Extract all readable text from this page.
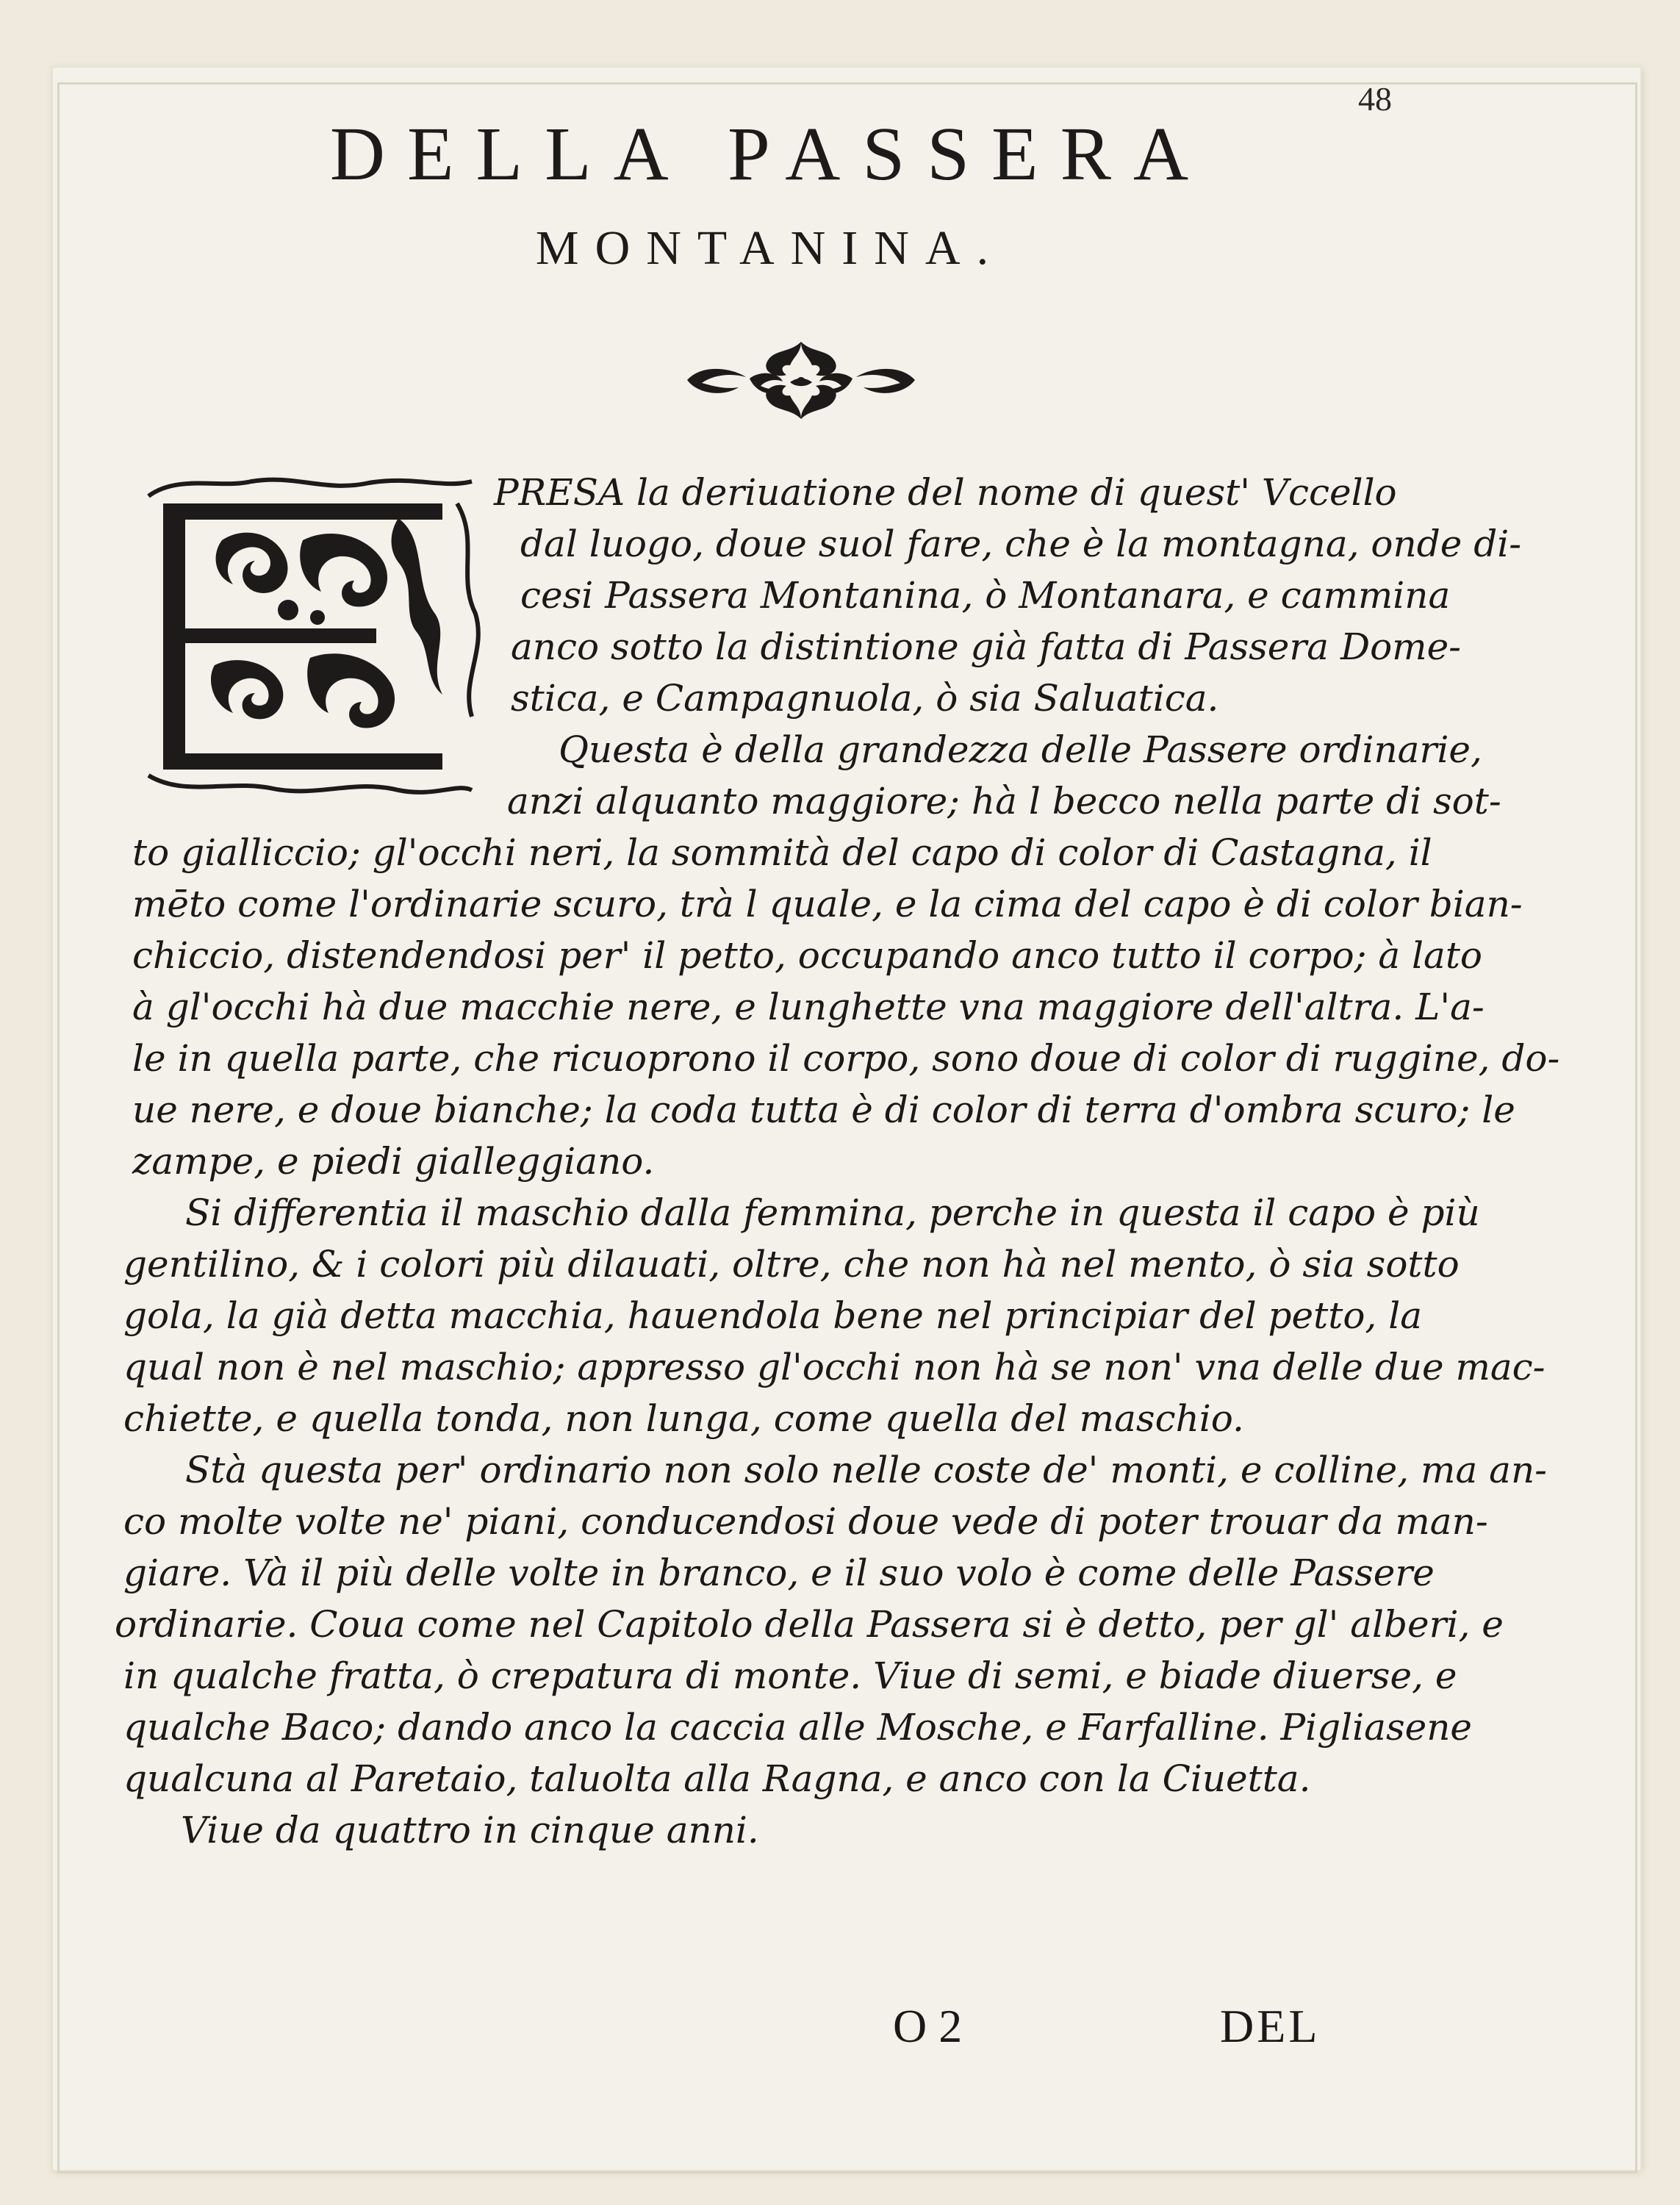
48
DELLA PASSERA
MONTANINA.
PRESA la deriuatione del nome di quest' Vccello
dal luogo, doue suol fare, che è la montagna, onde di-
cesi Passera Montanina, ò Montanara, e cammina
anco sotto la distintione già fatta di Passera Dome-
stica, e Campagnuola, ò sia Saluatica.
Questa è della grandezza delle Passere ordinarie,
anzi alquanto maggiore; hà l becco nella parte di sot-
to gialliccio; gl'occhi neri, la sommità del capo di color di Castagna, il
mēto come l'ordinarie scuro, trà l quale, e la cima del capo è di color bian-
chiccio, distendendosi per' il petto, occupando anco tutto il corpo; à lato
à gl'occhi hà due macchie nere, e lunghette vna maggiore dell'altra. L'a-
le in quella parte, che ricuoprono il corpo, sono doue di color di ruggine, do-
ue nere, e doue bianche; la coda tutta è di color di terra d'ombra scuro; le
zampe, e piedi gialleggiano.
Si differentia il maschio dalla femmina, perche in questa il capo è più
gentilino, & i colori più dilauati, oltre, che non hà nel mento, ò sia sotto
gola, la già detta macchia, hauendola bene nel principiar del petto, la
qual non è nel maschio; appresso gl'occhi non hà se non' vna delle due mac-
chiette, e quella tonda, non lunga, come quella del maschio.
Stà questa per' ordinario non solo nelle coste de' monti, e colline, ma an-
co molte volte ne' piani, conducendosi doue vede di poter trouar da man-
giare. Và il più delle volte in branco, e il suo volo è come delle Passere
ordinarie. Coua come nel Capitolo della Passera si è detto, per gl' alberi, e
in qualche fratta, ò crepatura di monte. Viue di semi, e biade diuerse, e
qualche Baco; dando anco la caccia alle Mosche, e Farfalline. Pigliasene
qualcuna al Paretaio, taluolta alla Ragna, e anco con la Ciuetta.
Viue da quattro in cinque anni.
O 2	DEL
